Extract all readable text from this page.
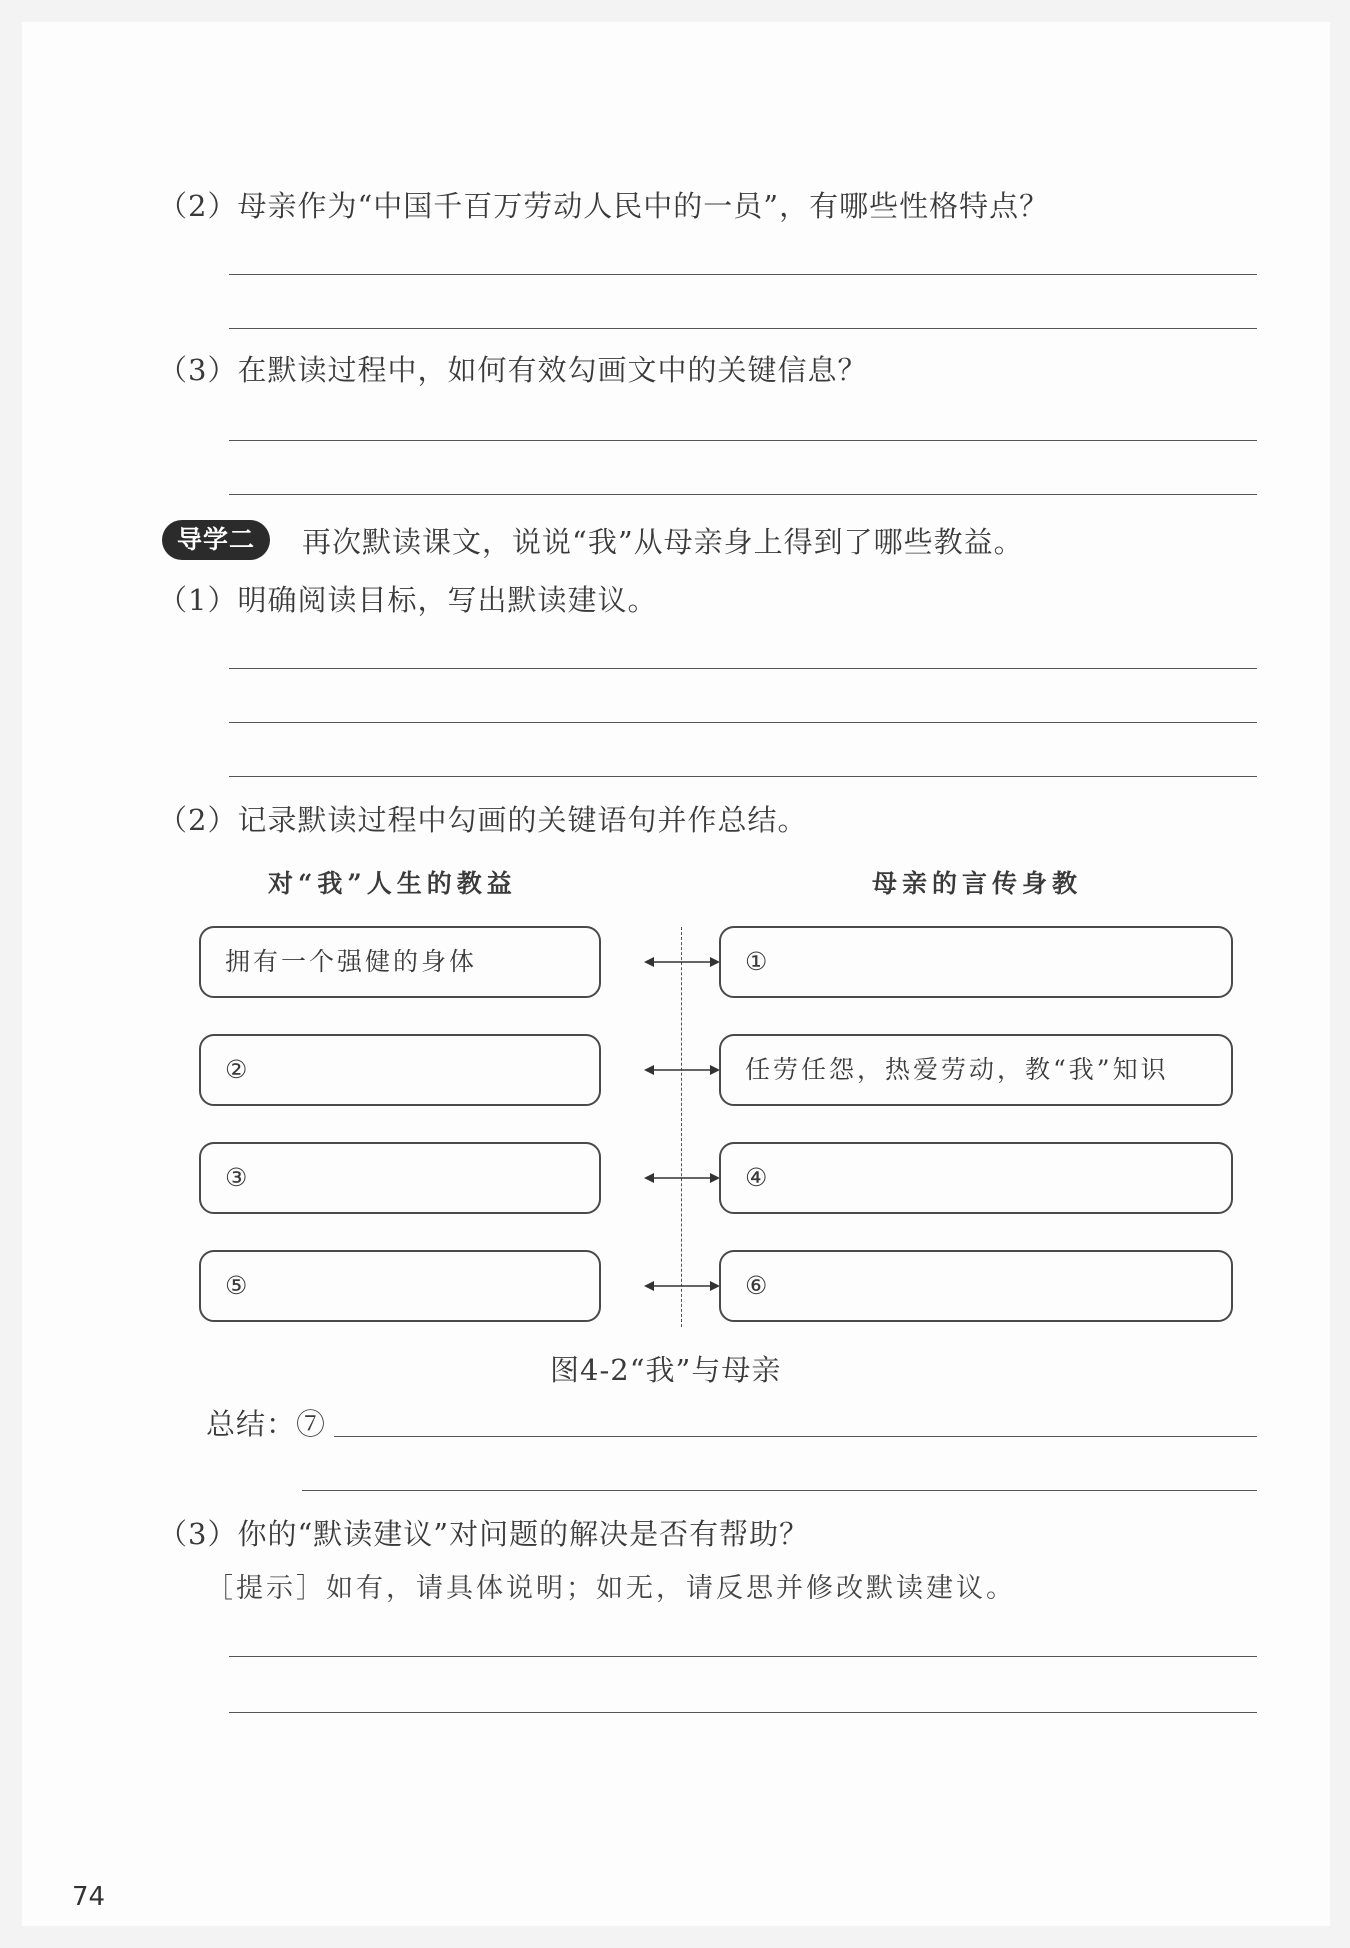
（2）母亲作为“中国千百万劳动人民中的一员”，有哪些性格特点？
（3）在默读过程中，如何有效勾画文中的关键信息？
导学二	再次默读课文，说说“我”从母亲身上得到了哪些教益。
（1）明确阅读目标，写出默读建议。
（2）记录默读过程中勾画的关键语句并作总结。
对“我”人生的教益	母亲的言传身教
拥有一个强健的身体	①
②	任劳任怨，热爱劳动，教“我”知识
③	④
⑤	⑥
图4-2“我”与母亲
总结：⑦
（3）你的“默读建议”对问题的解决是否有帮助？
［提示］如有，请具体说明；如无，请反思并修改默读建议。
74
